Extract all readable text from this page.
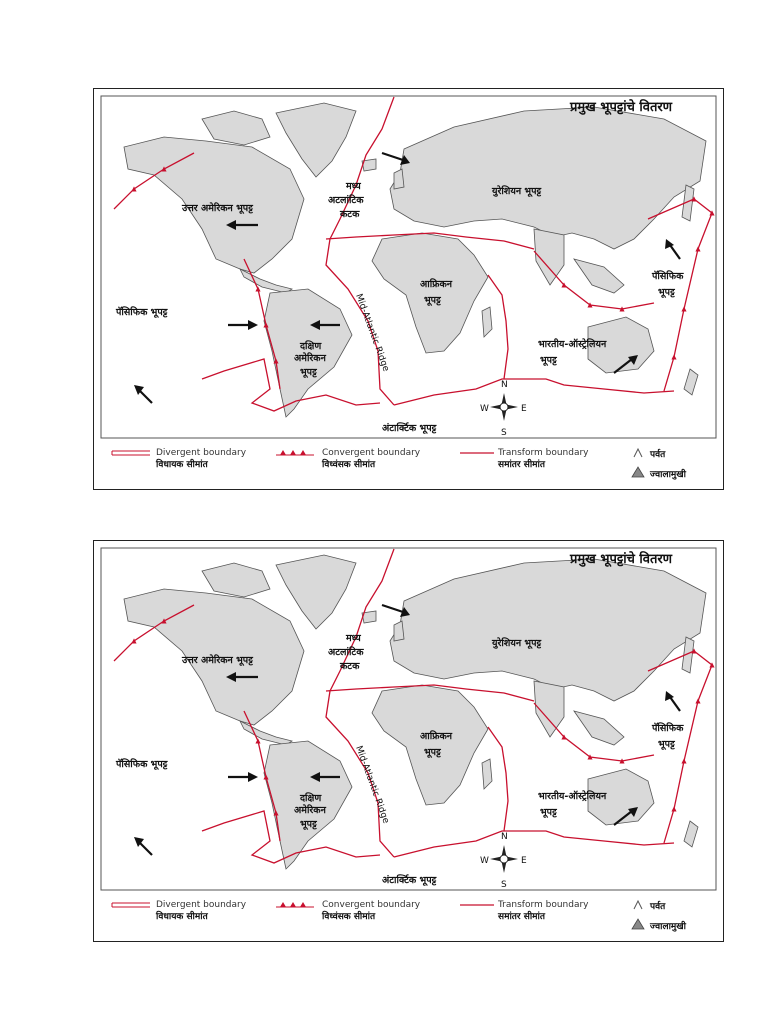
प्रमुख भूपट्टांचे वितरण
उत्तर अमेरिकन भूपट्ट
युरेशियन भूपट्ट
पॅसिफिक भूपट्ट
पॅसिफिक
भूपट्ट
आफ्रिकन
भूपट्ट
दक्षिण
अमेरिकन
भूपट्ट
भारतीय-ऑस्ट्रेलियन
भूपट्ट
अंटार्क्टिक भूपट्ट
मध्य
अटलांटिक
कटक
Mid-Atlantic Ridge
N
S
W	E
Divergent boundary
विधायक सीमांत
Convergent boundary
विध्वंसक सीमांत
Transform boundary
समांतर सीमांत
पर्वत
ज्वालामुखी
प्रमुख भूपट्टांचे वितरण
उत्तर अमेरिकन भूपट्ट
युरेशियन भूपट्ट
पॅसिफिक भूपट्ट
पॅसिफिक
भूपट्ट
आफ्रिकन
भूपट्ट
दक्षिण
अमेरिकन
भूपट्ट
भारतीय-ऑस्ट्रेलियन
भूपट्ट
अंटार्क्टिक भूपट्ट
मध्य
अटलांटिक
कटक
Mid-Atlantic Ridge
N
S
W	E
Divergent boundary
विधायक सीमांत
Convergent boundary
विध्वंसक सीमांत
Transform boundary
समांतर सीमांत
पर्वत
ज्वालामुखी
